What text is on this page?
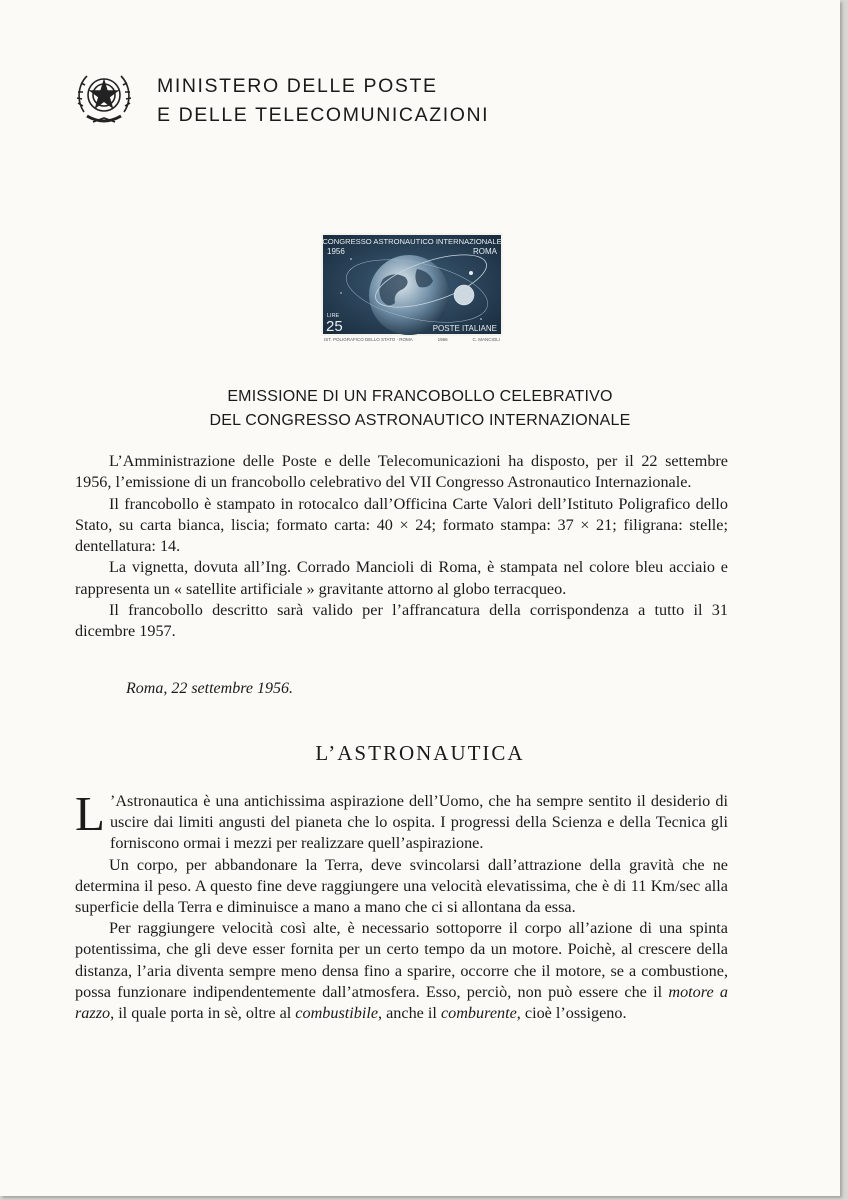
MINISTERO DELLE POSTE
E DELLE TELECOMUNICAZIONI
CONGRESSO ASTRONAUTICO INTERNAZIONALE
1956	ROMA
LIRE
25	POSTE ITALIANE
IST. POLIGRAFICO DELLO STATO · ROMA	1956	C. MANCIOLI
EMISSIONE DI UN FRANCOBOLLO CELEBRATIVO
DEL CONGRESSO ASTRONAUTICO INTERNAZIONALE

L’Amministrazione delle Poste e delle Telecomunicazioni ha disposto, per il 22 settembre 1956, l’emissione di un francobollo celebrativo del VII Congresso Astronautico Internazionale.

Il francobollo è stampato in rotocalco dall’Officina Carte Valori dell’Istituto Poligrafico dello Stato, su carta bianca, liscia; formato carta: 40 × 24; formato stampa: 37 × 21; filigrana: stelle; dentellatura: 14.

La vignetta, dovuta all’Ing. Corrado Mancioli di Roma, è stampata nel colore bleu acciaio e rappresenta un « satellite artificiale » gravitante attorno al globo terracqueo.

Il francobollo descritto sarà valido per l’affrancatura della corrispondenza a tutto il 31 dicembre 1957.

Roma, 22 settembre 1956.
L’ASTRONAUTICA

L ’Astronautica è una antichissima aspirazione dell’Uomo, che ha sempre sentito il desiderio di uscire dai limiti angusti del pianeta che lo ospita. I progressi della Scienza e della Tecnica gli forniscono ormai i mezzi per realizzare quell’aspirazione.

Un corpo, per abbandonare la Terra, deve svincolarsi dall’attrazione della gravità che ne determina il peso. A questo fine deve raggiungere una velocità elevatissima, che è di 11 Km/sec alla superficie della Terra e diminuisce a mano a mano che ci si allontana da essa.

Per raggiungere velocità così alte, è necessario sottoporre il corpo all’azione di una spinta potentissima, che gli deve esser fornita per un certo tempo da un motore. Poichè, al crescere della distanza, l’aria diventa sempre meno densa fino a sparire, occorre che il motore, se a combustione, possa funzionare indipendentemente dall’atmosfera. Esso, perciò, non può essere che il motore a razzo, il quale porta in sè, oltre al combustibile, anche il comburente, cioè l’ossigeno.
